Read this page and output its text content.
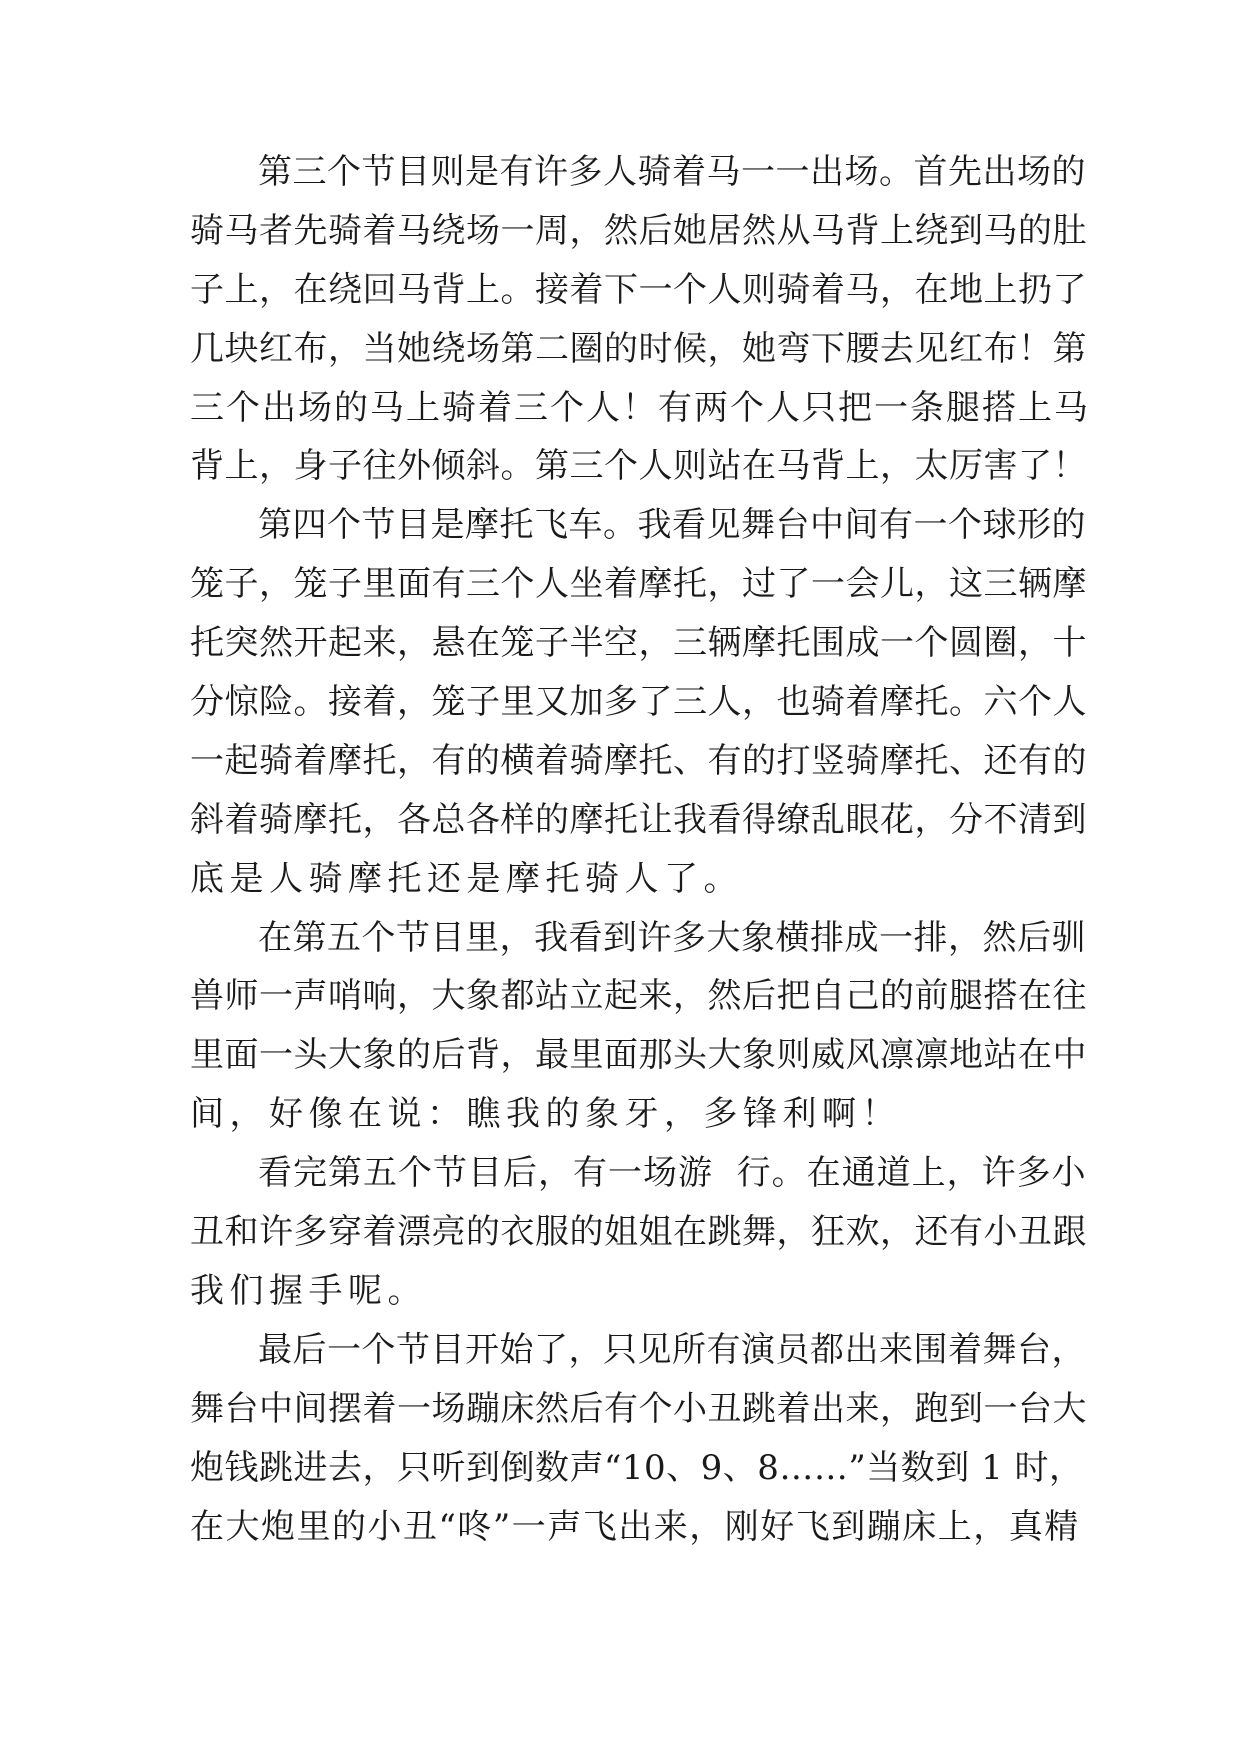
第三个节目则是有许多人骑着马一一出场。首先出场的
骑马者先骑着马绕场一周，然后她居然从马背上绕到马的肚
子上，在绕回马背上。接着下一个人则骑着马，在地上扔了
几块红布，当她绕场第二圈的时候，她弯下腰去见红布！第
三个出场的马上骑着三个人！有两个人只把一条腿搭上马
背上，身子往外倾斜。第三个人则站在马背上，太厉害了！
第四个节目是摩托飞车。我看见舞台中间有一个球形的
笼子，笼子里面有三个人坐着摩托，过了一会儿，这三辆摩
托突然开起来，悬在笼子半空，三辆摩托围成一个圆圈，十
分惊险。接着，笼子里又加多了三人，也骑着摩托。六个人
一起骑着摩托，有的横着骑摩托、有的打竖骑摩托、还有的
斜着骑摩托，各总各样的摩托让我看得缭乱眼花，分不清到
底是人骑摩托还是摩托骑人了。
在第五个节目里，我看到许多大象横排成一排，然后驯
兽师一声哨响，大象都站立起来，然后把自己的前腿搭在往
里面一头大象的后背，最里面那头大象则威风凛凛地站在中
间，好像在说：瞧我的象牙，多锋利啊！
看完第五个节目后，有一场游  行。在通道上，许多小
丑和许多穿着漂亮的衣服的姐姐在跳舞，狂欢，还有小丑跟
我们握手呢。
最后一个节目开始了，只见所有演员都出来围着舞台，
舞台中间摆着一场蹦床然后有个小丑跳着出来，跑到一台大
炮钱跳进去，只听到倒数声“10、9、8……”当数到 1 时，
在大炮里的小丑“咚”一声飞出来，刚好飞到蹦床上，真精
